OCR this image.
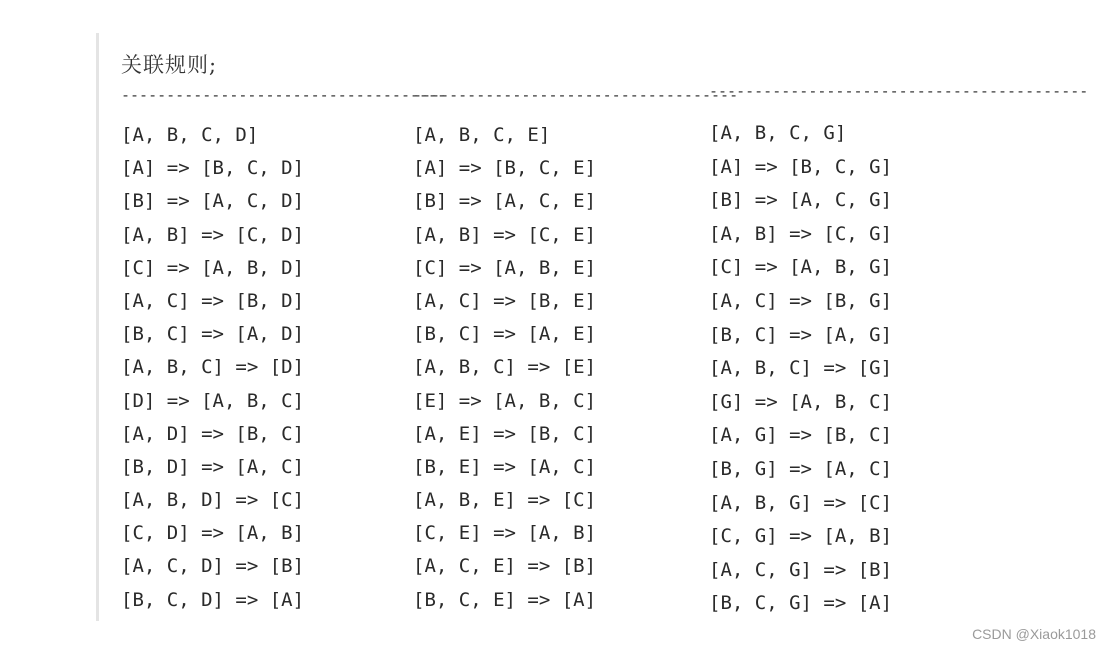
关联规则;
------------------------------------
[A, B, C, D]
[A] => [B, C, D]
[B] => [A, C, D]
[A, B] => [C, D]
[C] => [A, B, D]
[A, C] => [B, D]
[B, C] => [A, D]
[A, B, C] => [D]
[D] => [A, B, C]
[A, D] => [B, C]
[B, D] => [A, C]
[A, B, D] => [C]
[C, D] => [A, B]
[A, C, D] => [B]
[B, C, D] => [A]
------------------------------------
[A, B, C, E]
[A] => [B, C, E]
[B] => [A, C, E]
[A, B] => [C, E]
[C] => [A, B, E]
[A, C] => [B, E]
[B, C] => [A, E]
[A, B, C] => [E]
[E] => [A, B, C]
[A, E] => [B, C]
[B, E] => [A, C]
[A, B, E] => [C]
[C, E] => [A, B]
[A, C, E] => [B]
[B, C, E] => [A]
------------------------------------------
[A, B, C, G]
[A] => [B, C, G]
[B] => [A, C, G]
[A, B] => [C, G]
[C] => [A, B, G]
[A, C] => [B, G]
[B, C] => [A, G]
[A, B, C] => [G]
[G] => [A, B, C]
[A, G] => [B, C]
[B, G] => [A, C]
[A, B, G] => [C]
[C, G] => [A, B]
[A, C, G] => [B]
[B, C, G] => [A]
CSDN @Xiaok1018
